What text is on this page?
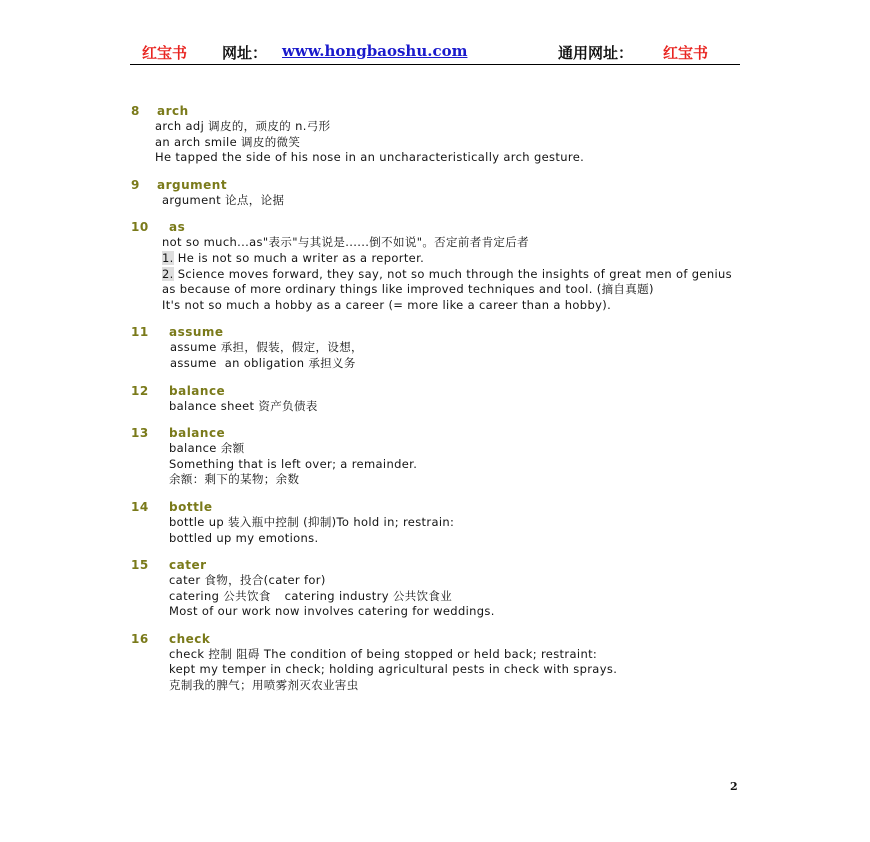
红宝书 网址： www.hongbaoshu.com	通用网址： 红宝书
8 arch
arch adj 调皮的，顽皮的 n.弓形
an arch smile 调皮的微笑
He tapped the side of his nose in an uncharacteristically arch gesture.
9 argument
argument 论点，论据
10 as
not so much...as"表示"与其说是......倒不如说"。否定前者肯定后者
1. He is not so much a writer as a reporter.
2. Science moves forward, they say, not so much through the insights of great men of genius as because of more ordinary things like improved techniques and tool. (摘自真题)
It's not so much a hobby as a career (= more like a career than a hobby).
11 assume
assume 承担，假装，假定，设想，
assume  an obligation 承担义务
12 balance
balance sheet 资产负债表
13 balance
balance 余额
Something that is left over; a remainder.
余额：剩下的某物；余数
14 bottle
bottle up 装入瓶中控制 (抑制)To hold in; restrain:
bottled up my emotions.
15 cater
cater 食物，投合(cater for)
catering 公共饮食 catering industry 公共饮食业
Most of our work now involves catering for weddings.
16 check
check 控制 阻碍 The condition of being stopped or held back; restraint:
kept my temper in check; holding agricultural pests in check with sprays.
克制我的脾气；用喷雾剂灭农业害虫
2
